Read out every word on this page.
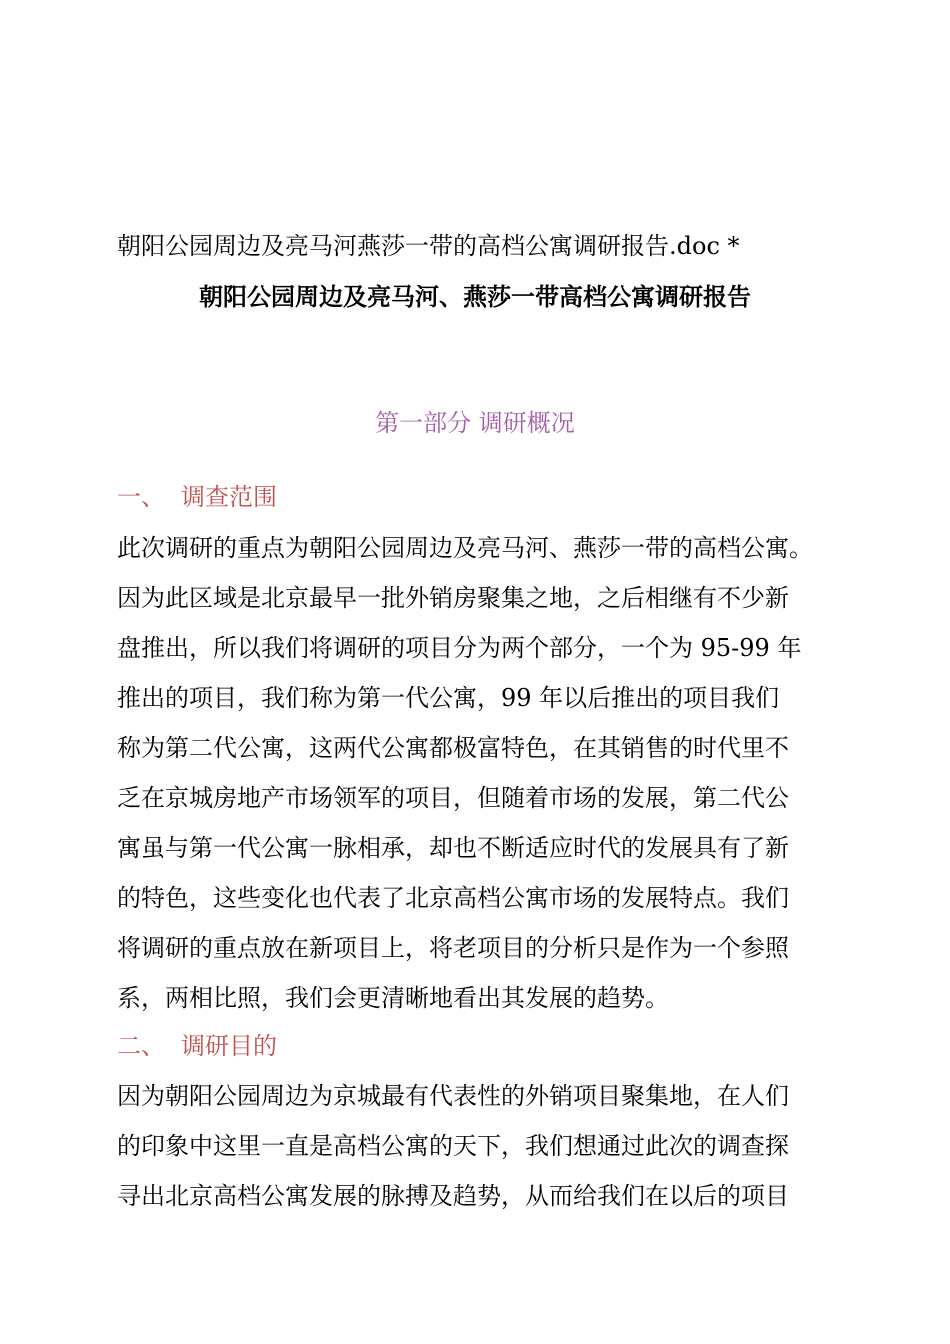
朝阳公园周边及亮马河燕莎一带的高档公寓调研报告.doc *
朝阳公园周边及亮马河、燕莎一带高档公寓调研报告
第一部分 调研概况
一、 调查范围
此次调研的重点为朝阳公园周边及亮马河、燕莎一带的高档公寓。
因为此区域是北京最早一批外销房聚集之地，之后相继有不少新
盘推出，所以我们将调研的项目分为两个部分，一个为 95-99 年
推出的项目，我们称为第一代公寓，99 年以后推出的项目我们
称为第二代公寓，这两代公寓都极富特色，在其销售的时代里不
乏在京城房地产市场领军的项目，但随着市场的发展，第二代公
寓虽与第一代公寓一脉相承，却也不断适应时代的发展具有了新
的特色，这些变化也代表了北京高档公寓市场的发展特点。我们
将调研的重点放在新项目上，将老项目的分析只是作为一个参照
系，两相比照，我们会更清晰地看出其发展的趋势。
二、 调研目的
因为朝阳公园周边为京城最有代表性的外销项目聚集地，在人们
的印象中这里一直是高档公寓的天下，我们想通过此次的调查探
寻出北京高档公寓发展的脉搏及趋势，从而给我们在以后的项目
